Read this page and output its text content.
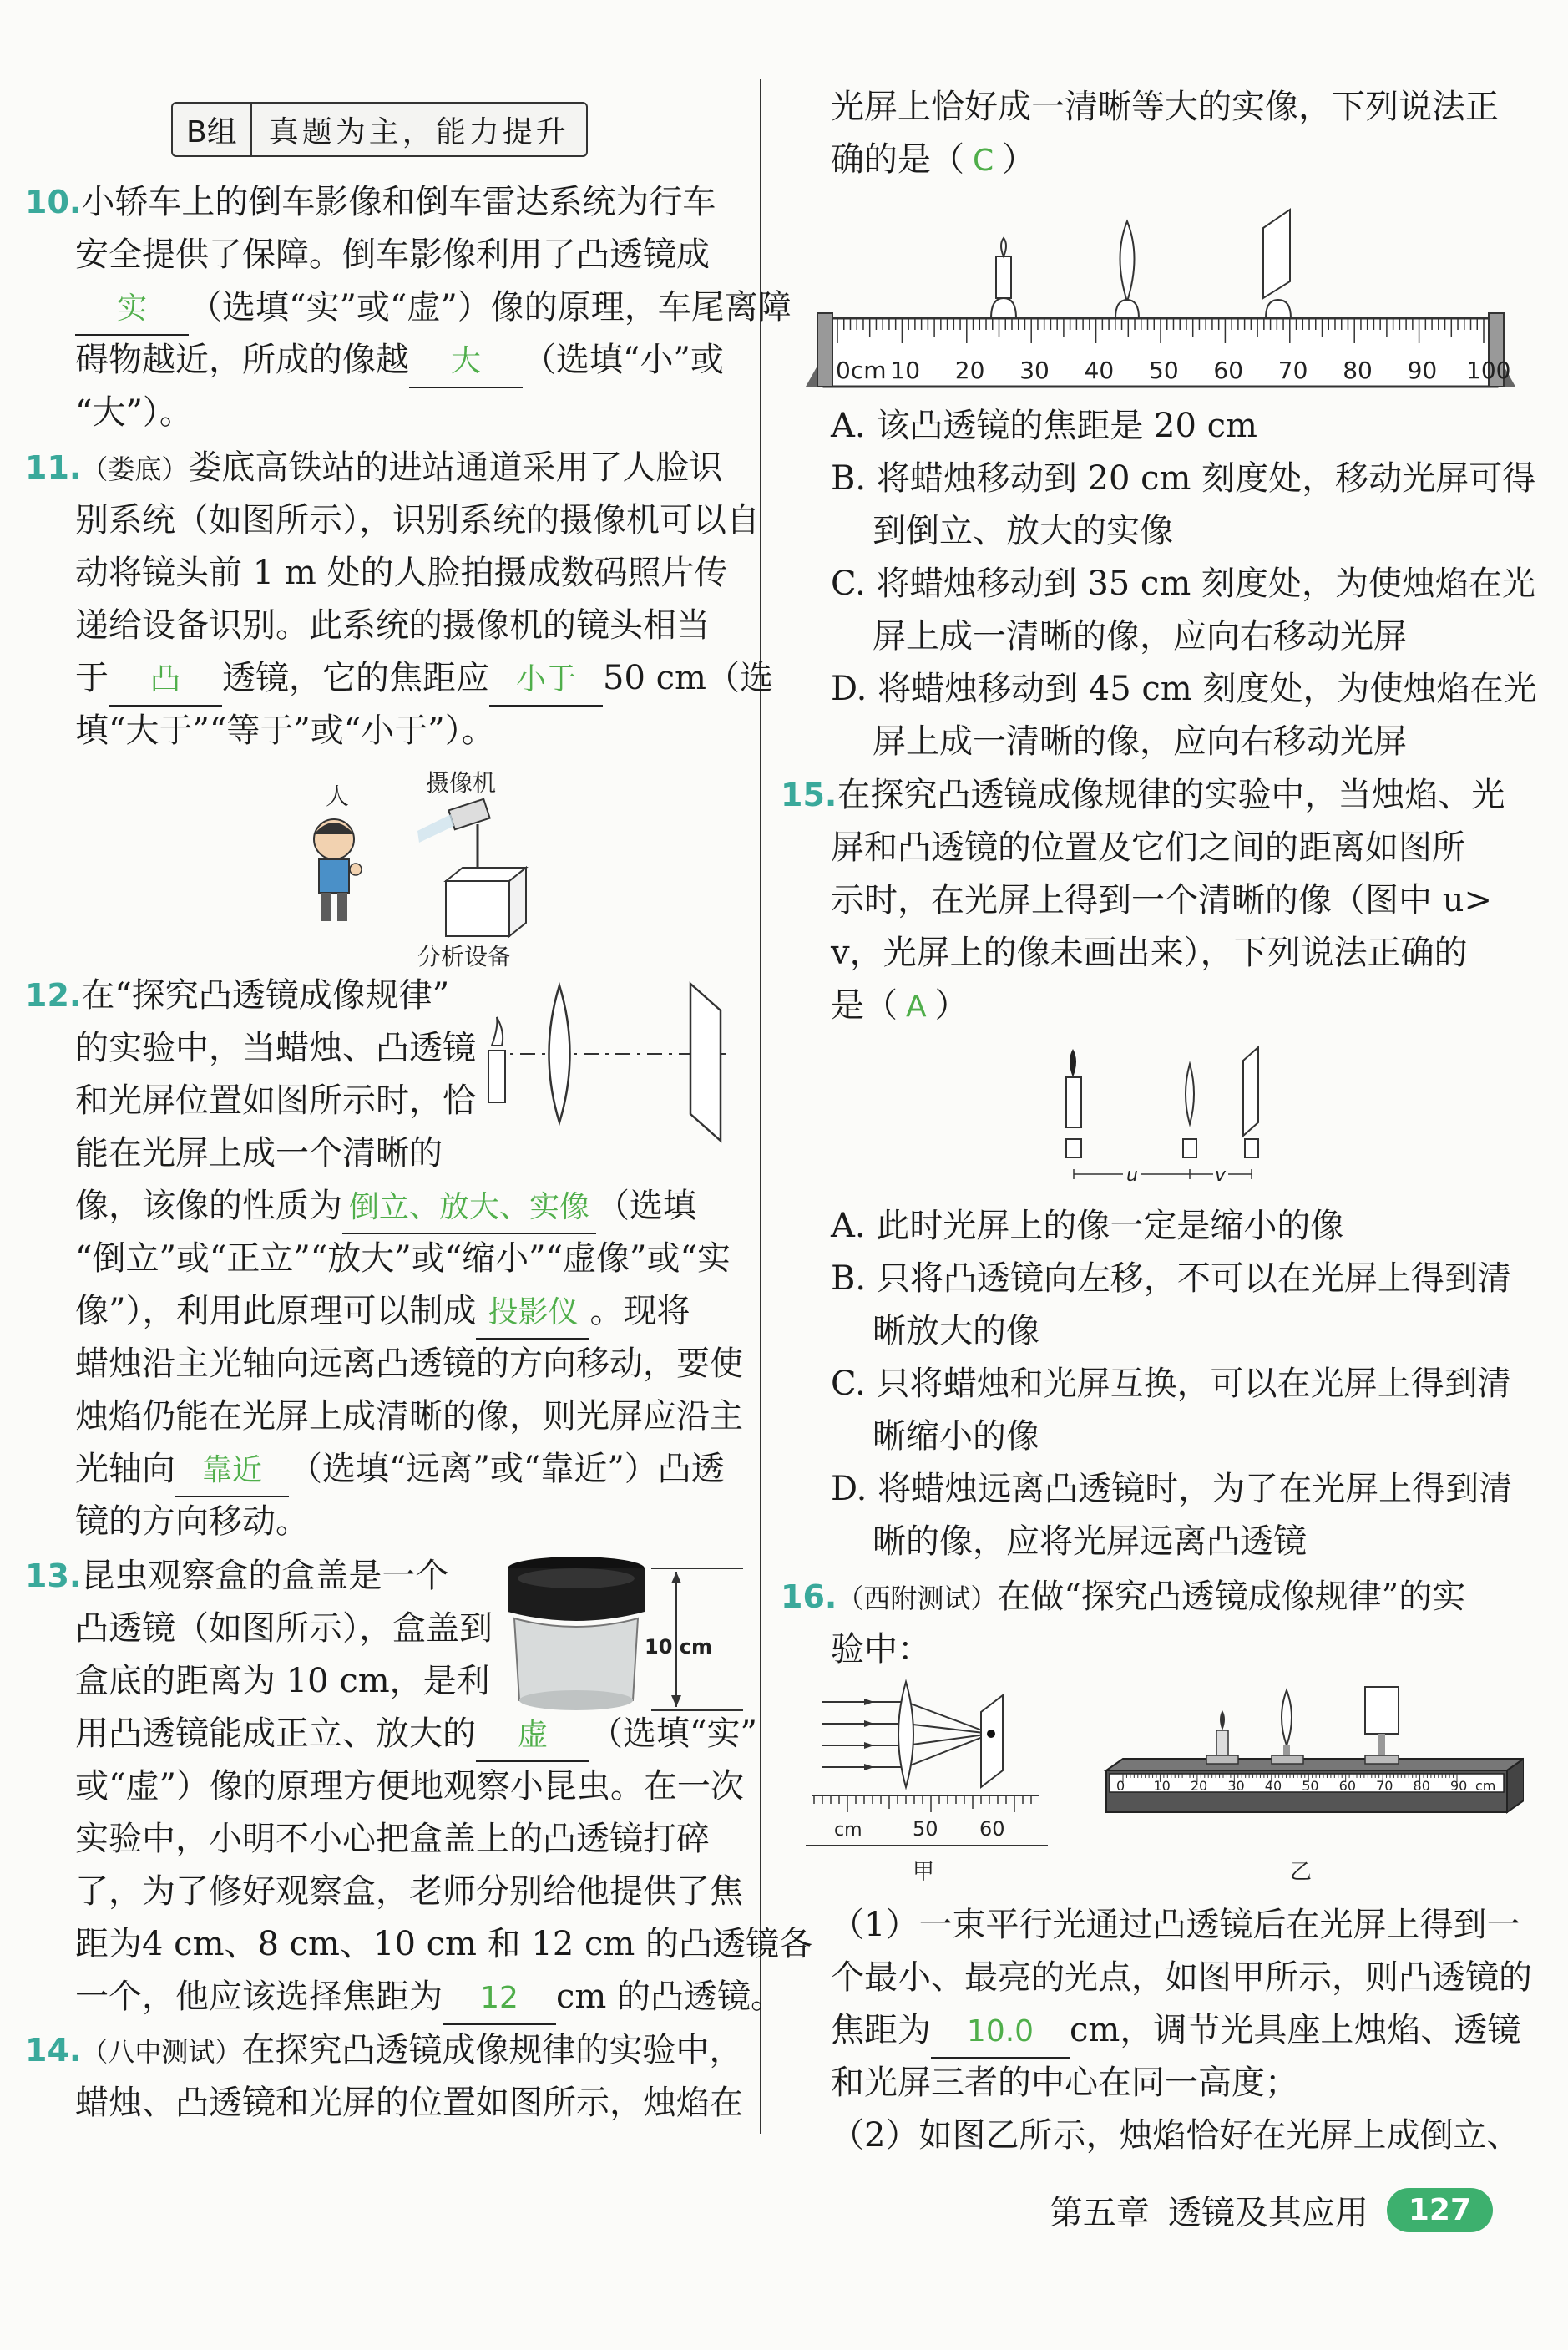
B组	真题为主，能力提升
10.小轿车上的倒车影像和倒车雷达系统为行车
安全提供了保障。倒车影像利用了凸透镜成
实 （选填“实”或“虚”）像的原理，车尾离障
碍物越近，所成的像越 大 （选填“小”或
“大”）。
11.（娄底）娄底高铁站的进站通道采用了人脸识
别系统（如图所示），识别系统的摄像机可以自
动将镜头前 1 m 处的人脸拍摄成数码照片传
递给设备识别。此系统的摄像机的镜头相当
于 凸 透镜，它的焦距应 小于 50 cm（选
填“大于”“等于”或“小于”）。
人	摄像机
分析设备
12.在“探究凸透镜成像规律”
的实验中，当蜡烛、凸透镜
和光屏位置如图所示时，恰
能在光屏上成一个清晰的
像，该像的性质为 倒立、放大、实像 （选填
“倒立”或“正立”“放大”或“缩小”“虚像”或“实
像”），利用此原理可以制成 投影仪 。现将
蜡烛沿主光轴向远离凸透镜的方向移动，要使
烛焰仍能在光屏上成清晰的像，则光屏应沿主
光轴向 靠近 （选填“远离”或“靠近”）凸透
镜的方向移动。
13.昆虫观察盒的盒盖是一个
凸透镜（如图所示），盒盖到
盒底的距离为 10 cm，是利
用凸透镜能成正立、放大的 虚 （选填“实”
或“虚”）像的原理方便地观察小昆虫。在一次
实验中，小明不小心把盒盖上的凸透镜打碎
了，为了修好观察盒，老师分别给他提供了焦
距为4 cm、8 cm、10 cm 和 12 cm 的凸透镜各
一个，他应该选择焦距为 12 cm 的凸透镜。
10 cm
14.（八中测试）在探究凸透镜成像规律的实验中，
蜡烛、凸透镜和光屏的位置如图所示，烛焰在
光屏上恰好成一清晰等大的实像，下列说法正
确的是（ C ）
0cm 10 20 30 40 50 60 70 80 90 100
A. 该凸透镜的焦距是 20 cm
B. 将蜡烛移动到 20 cm 刻度处，移动光屏可得
到倒立、放大的实像
C. 将蜡烛移动到 35 cm 刻度处，为使烛焰在光
屏上成一清晰的像，应向右移动光屏
D. 将蜡烛移动到 45 cm 刻度处，为使烛焰在光
屏上成一清晰的像，应向右移动光屏
15.在探究凸透镜成像规律的实验中，当烛焰、光
屏和凸透镜的位置及它们之间的距离如图所
示时，在光屏上得到一个清晰的像（图中 u>
v，光屏上的像未画出来），下列说法正确的
是（ A ）
u	v
A. 此时光屏上的像一定是缩小的像
B. 只将凸透镜向左移，不可以在光屏上得到清
晰放大的像
C. 只将蜡烛和光屏互换，可以在光屏上得到清
晰缩小的像
D. 将蜡烛远离凸透镜时，为了在光屏上得到清
晰的像，应将光屏远离凸透镜
16.（西附测试）在做“探究凸透镜成像规律”的实
验中：
cm	50 60
甲
0 10 20 30 40 50 60 70 80 90 cm
乙
（1）一束平行光通过凸透镜后在光屏上得到一
个最小、最亮的光点，如图甲所示，则凸透镜的
焦距为 10.0 cm，调节光具座上烛焰、透镜
和光屏三者的中心在同一高度；
（2）如图乙所示，烛焰恰好在光屏上成倒立、
第五章 透镜及其应用	127
